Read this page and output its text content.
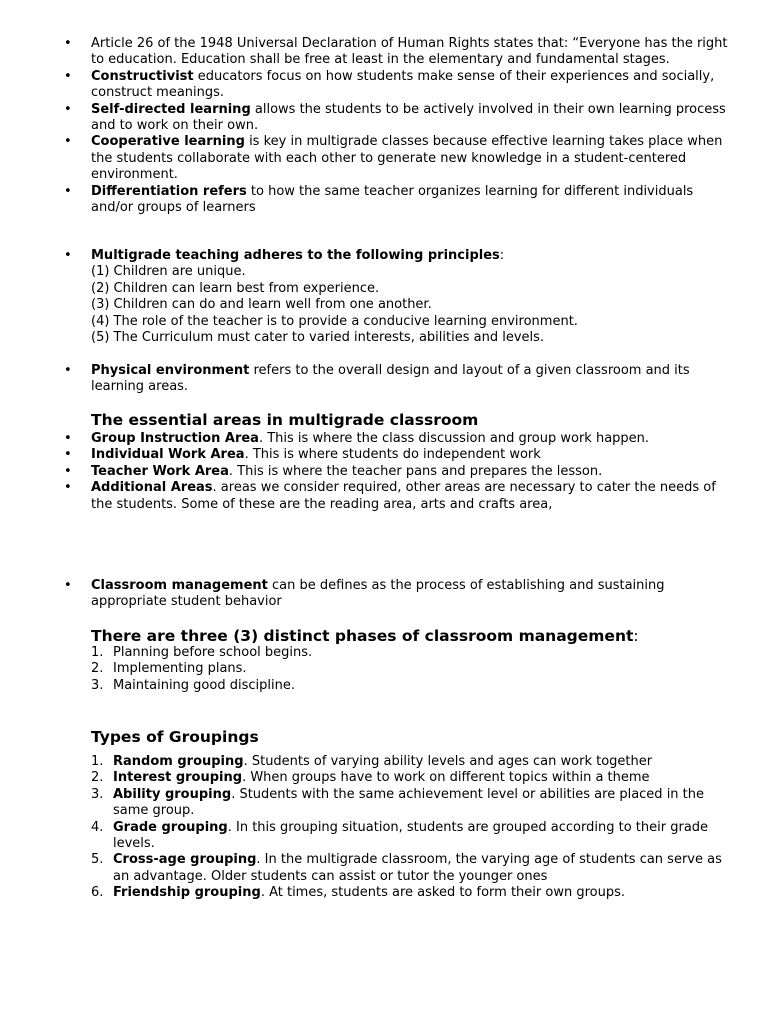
• Article 26 of the 1948 Universal Declaration of Human Rights states that: “Everyone has the right to education. Education shall be free at least in the elementary and fundamental stages.
• Constructivist educators focus on how students make sense of their experiences and socially, construct meanings.
• Self-directed learning allows the students to be actively involved in their own learning process and to work on their own.
• Cooperative learning is key in multigrade classes because effective learning takes place when the students collaborate with each other to generate new knowledge in a student-centered environment.
• Differentiation refers to how the same teacher organizes learning for different individuals and/or groups of learners
• Multigrade teaching adheres to the following principles:
(1) Children are unique.
(2) Children can learn best from experience.
(3) Children can do and learn well from one another.
(4) The role of the teacher is to provide a conducive learning environment.
(5) The Curriculum must cater to varied interests, abilities and levels.
• Physical environment refers to the overall design and layout of a given classroom and its learning areas.
The essential areas in multigrade classroom
• Group Instruction Area. This is where the class discussion and group work happen.
• Individual Work Area. This is where students do independent work
• Teacher Work Area. This is where the teacher pans and prepares the lesson.
• Additional Areas. areas we consider required, other areas are necessary to cater the needs of the students. Some of these are the reading area, arts and crafts area,
• Classroom management can be defines as the process of establishing and sustaining appropriate student behavior
There are three (3) distinct phases of classroom management:
1. Planning before school begins.
2. Implementing plans.
3. Maintaining good discipline.
Types of Groupings
1. Random grouping. Students of varying ability levels and ages can work together
2. Interest grouping. When groups have to work on different topics within a theme
3. Ability grouping. Students with the same achievement level or abilities are placed in the same group.
4. Grade grouping. In this grouping situation, students are grouped according to their grade levels.
5. Cross-age grouping. In the multigrade classroom, the varying age of students can serve as an advantage. Older students can assist or tutor the younger ones
6. Friendship grouping. At times, students are asked to form their own groups.
